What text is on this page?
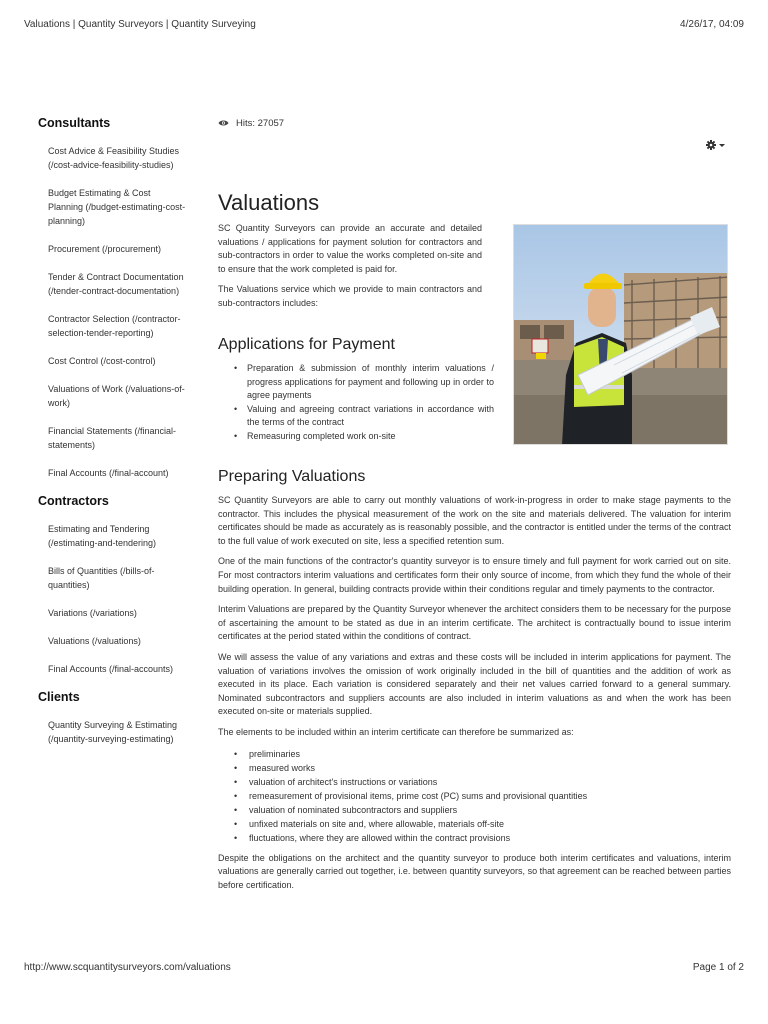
Valuations | Quantity Surveyors | Quantity Surveying	4/26/17, 04:09
Consultants
Cost Advice & Feasibility Studies (/cost-advice-feasibility-studies)
Budget Estimating & Cost Planning (/budget-estimating-cost-planning)
Procurement (/procurement)
Tender & Contract Documentation (/tender-contract-documentation)
Contractor Selection (/contractor-selection-tender-reporting)
Cost Control (/cost-control)
Valuations of Work (/valuations-of-work)
Financial Statements (/financial-statements)
Final Accounts (/final-account)
Contractors
Estimating and Tendering (/estimating-and-tendering)
Bills of Quantities (/bills-of-quantities)
Variations (/variations)
Valuations (/valuations)
Final Accounts (/final-accounts)
Clients
Quantity Surveying & Estimating (/quantity-surveying-estimating)
Hits: 27057
Valuations

SC Quantity Surveyors can provide an accurate and detailed valuations / applications for payment solution for contractors and sub-contractors in order to value the works completed on-site and to ensure that the work completed is paid for.

The Valuations service which we provide to main contractors and sub-contractors includes:

Applications for Payment
• Preparation & submission of monthly interim valuations / progress applications for payment and following up in order to agree payments
• Valuing and agreeing contract variations in accordance with the terms of the contract
• Remeasuring completed work on-site
Preparing Valuations

SC Quantity Surveyors are able to carry out monthly valuations of work-in-progress in order to make stage payments to the contractor. This includes the physical measurement of the work on the site and materials delivered. The valuation for interim certificates should be made as accurately as is reasonably possible, and the contractor is entitled under the terms of the contract to the full value of work executed on site, less a specified retention sum.

One of the main functions of the contractor's quantity surveyor is to ensure timely and full payment for work carried out on site. For most contractors interim valuations and certificates form their only source of income, from which they fund the whole of their building operation. In general, building contracts provide within their conditions regular and timely payments to the contractor.

Interim Valuations are prepared by the Quantity Surveyor whenever the architect considers them to be necessary for the purpose of ascertaining the amount to be stated as due in an interim certificate. The architect is contractually bound to issue interim certificates at the period stated within the conditions of contract.

We will assess the value of any variations and extras and these costs will be included in interim applications for payment. The valuation of variations involves the omission of work originally included in the bill of quantities and the addition of work as executed in its place. Each variation is considered separately and their net values carried forward to a general summary. Nominated subcontractors and suppliers accounts are also included in interim valuations as and when the work has been executed on-site or materials supplied.

The elements to be included within an interim certificate can therefore be summarized as:

• preliminaries
• measured works
• valuation of architect's instructions or variations
• remeasurement of provisional items, prime cost (PC) sums and provisional quantities
• valuation of nominated subcontractors and suppliers
• unfixed materials on site and, where allowable, materials off-site
• fluctuations, where they are allowed within the contract provisions

Despite the obligations on the architect and the quantity surveyor to produce both interim certificates and valuations, interim valuations are generally carried out together, i.e. between quantity surveyors, so that agreement can be reached between parties before certification.

http://www.scquantitysurveyors.com/valuations	Page 1 of 2
